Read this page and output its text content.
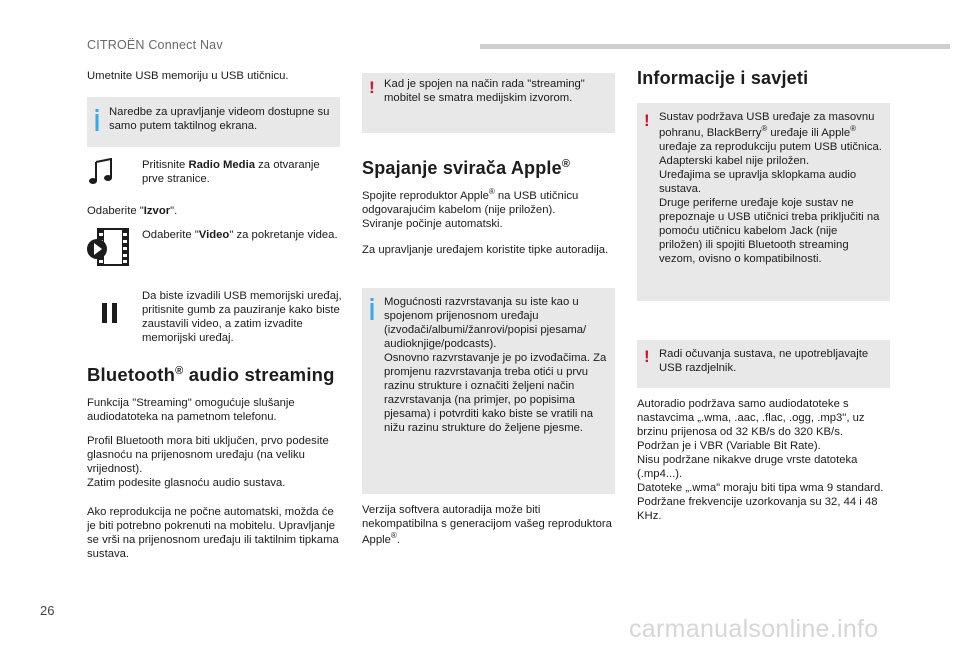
CITROËN Connect Nav

Umetnite USB memoriju u USB utičnicu.

Naredbe za upravljanje videom dostupne su samo putem taktilnog ekrana.

Pritisnite Radio Media za otvaranje prve stranice.

Odaberite "Izvor".

Odaberite "Video" za pokretanje videa.

Da biste izvadili USB memorijski uređaj, pritisnite gumb za pauziranje kako biste zaustavili video, a zatim izvadite memorijski uređaj.

Bluetooth® audio streaming

Funkcija "Streaming" omogućuje slušanje audiodatoteka na pametnom telefonu.

Profil Bluetooth mora biti uključen, prvo podesite glasnoću na prijenosnom uređaju (na veliku vrijednost).

Zatim podesite glasnoću audio sustava.

Ako reprodukcija ne počne automatski, možda će je biti potrebno pokrenuti na mobitelu. Upravljanje se vrši na prijenosnom uređaju ili taktilnim tipkama sustava.

! Kad je spojen na način rada "streaming" mobitel se smatra medijskim izvorom.

Spajanje svirača Apple®

Spojite reproduktor Apple® na USB utičnicu odgovarajućim kabelom (nije priložen).

Sviranje počinje automatski.

Za upravljanje uređajem koristite tipke autoradija.

Mogućnosti razvrstavanja su iste kao u spojenom prijenosnom uređaju (izvođači/albumi/žanrovi/popisi pjesama/ audioknjige/podcasts).

Osnovno razvrstavanje je po izvođačima. Za promjenu razvrstavanja treba otići u prvu razinu strukture i označiti željeni način razvrstavanja (na primjer, po popisima pjesama) i potvrditi kako biste se vratili na nižu razinu strukture do željene pjesme.

Verzija softvera autoradija može biti nekompatibilna s generacijom vašeg reproduktora Apple®.

Informacije i savjeti
! Sustav podržava USB uređaje za masovnu pohranu, BlackBerry® uređaje ili Apple® uređaje za reprodukciju putem USB utičnica. Adapterski kabel nije priložen.

Uređajima se upravlja sklopkama audio sustava.

Druge periferne uređaje koje sustav ne prepoznaje u USB utičnici treba priključiti na pomoću utičnicu kabelom Jack (nije priložen) ili spojiti Bluetooth streaming vezom, ovisno o kompatibilnosti.

! Radi očuvanja sustava, ne upotrebljavajte USB razdjelnik.

Autoradio podržava samo audiodatoteke s nastavcima „.wma, .aac, .flac, .ogg, .mp3", uz brzinu prijenosa od 32 KB/s do 320 KB/s.

Podržan je i VBR (Variable Bit Rate).

Nisu podržane nikakve druge vrste datoteka (.mp4...).

Datoteke „.wma" moraju biti tipa wma 9 standard.

Podržane frekvencije uzorkovanja su 32, 44 i 48 KHz.

26
carmanualsonline.info
